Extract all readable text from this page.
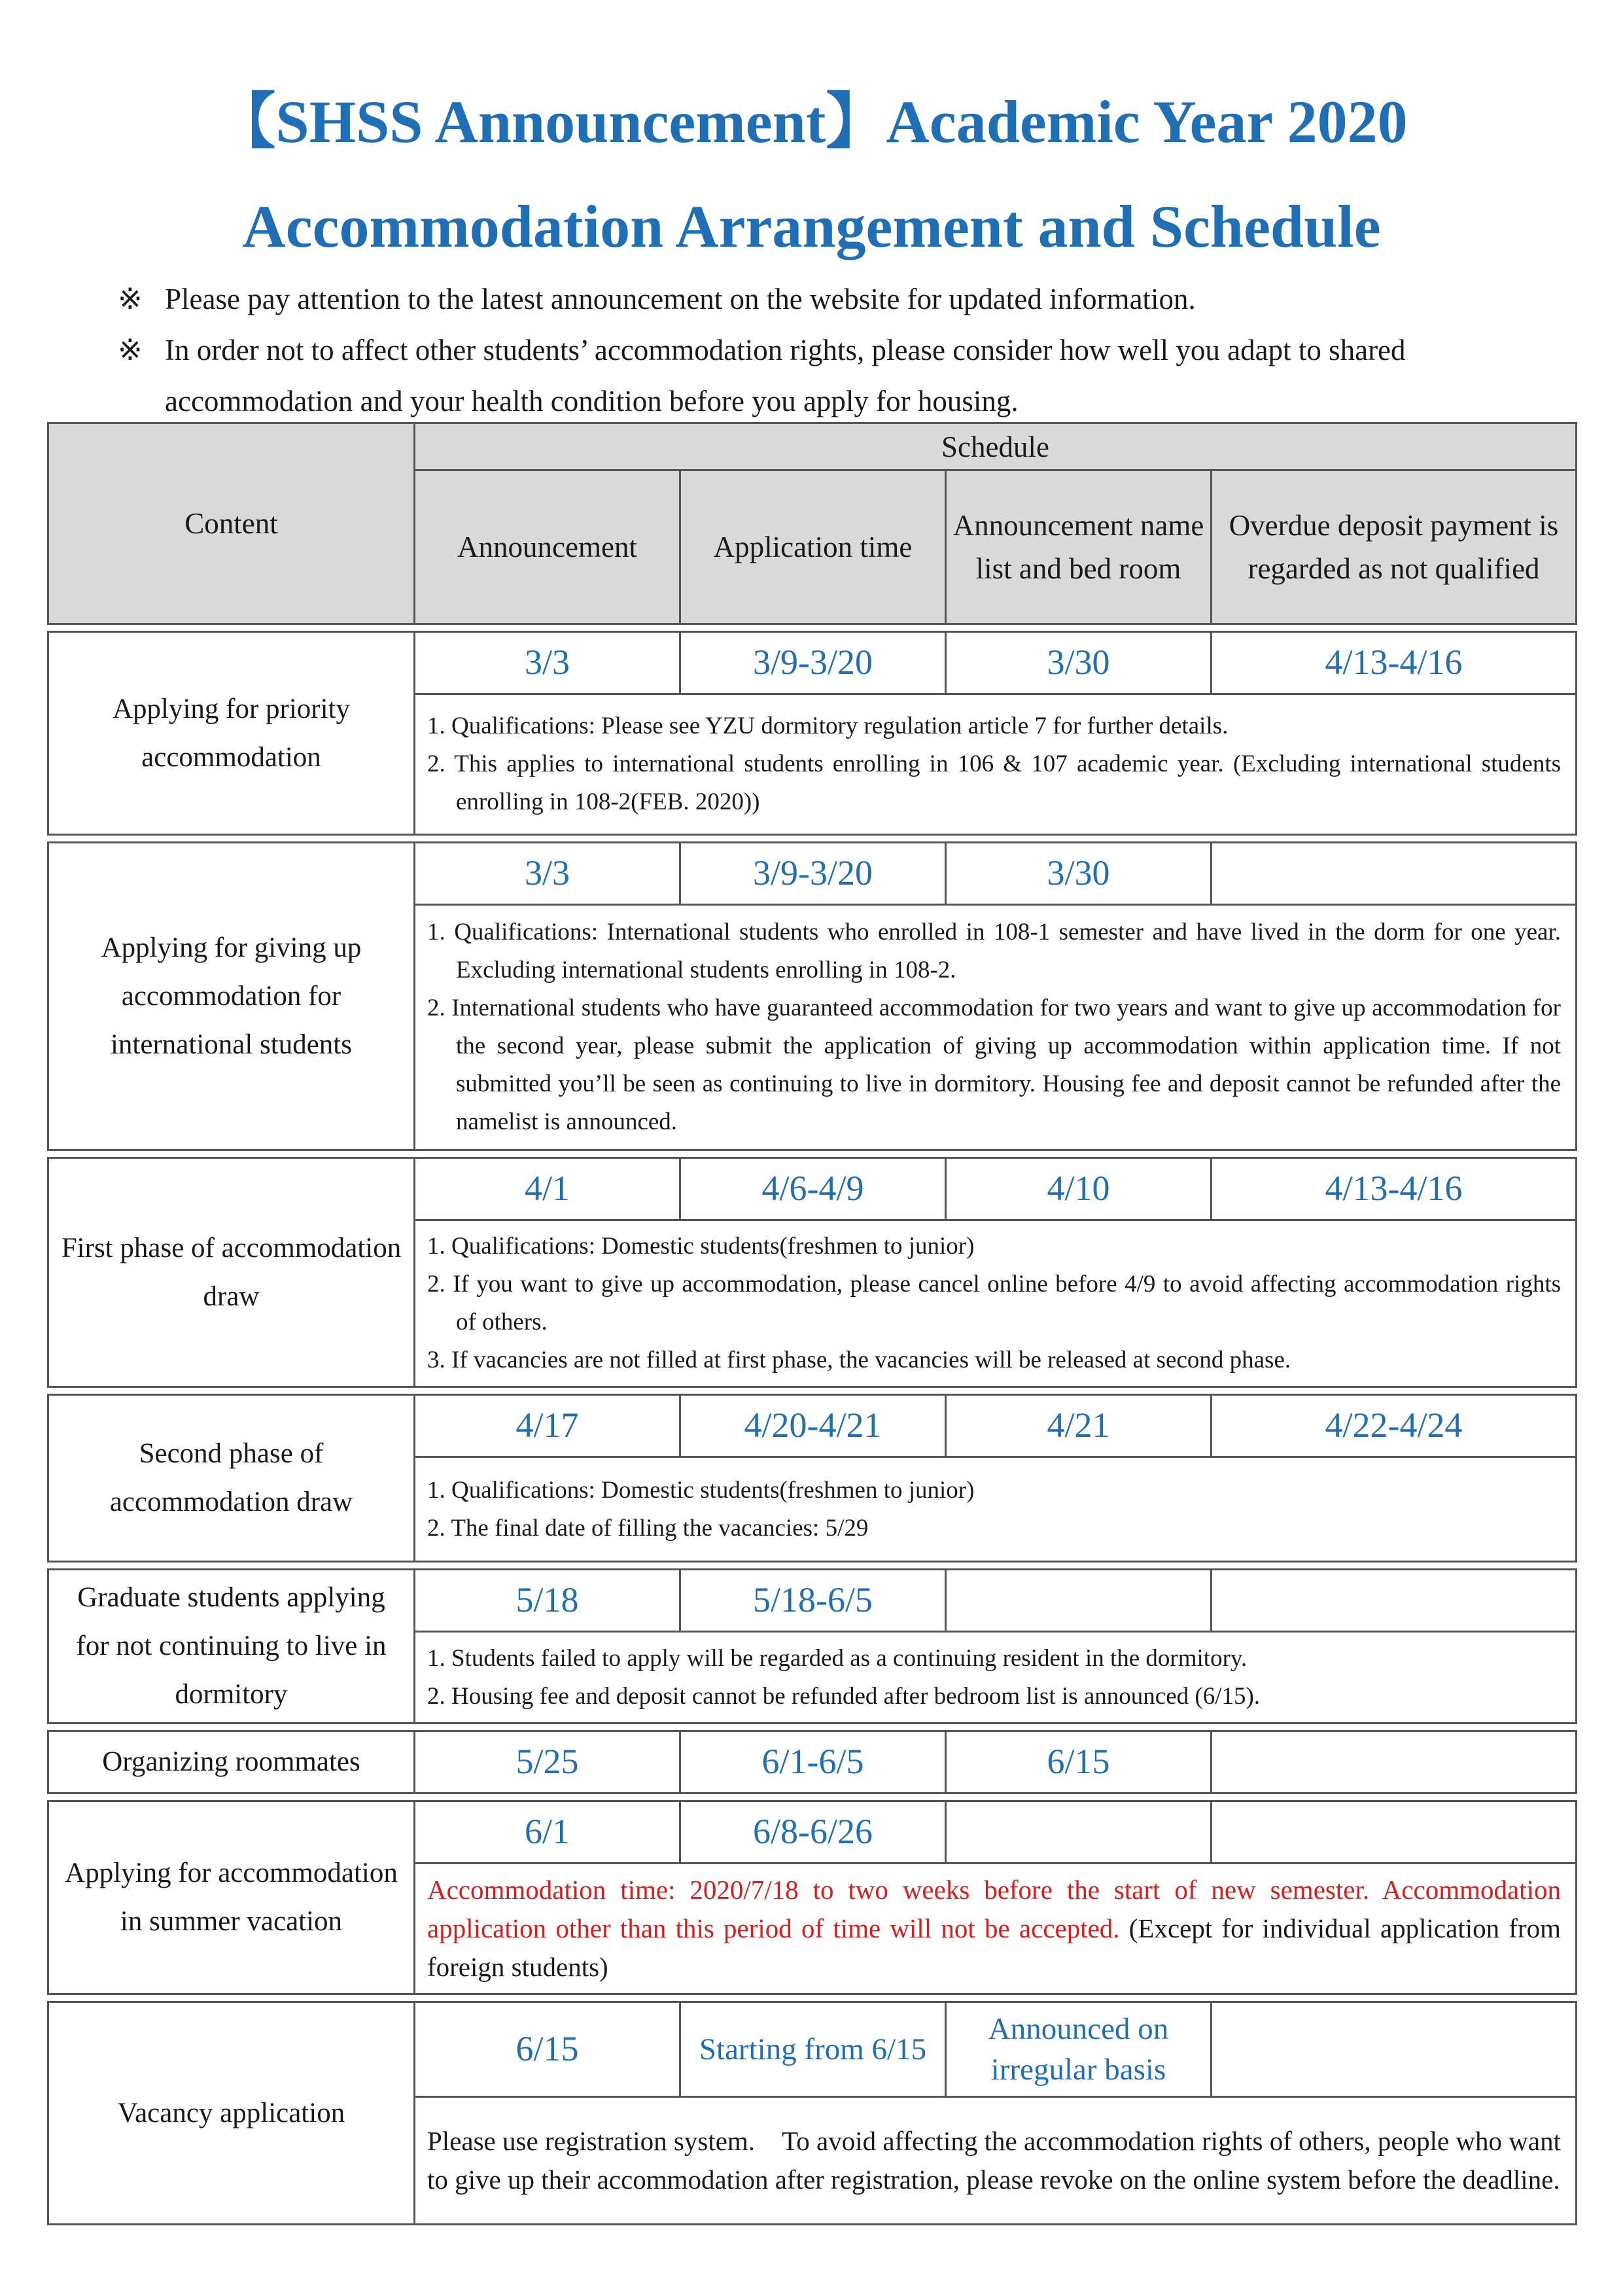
【SHSS Announcement】Academic Year 2020
Accommodation Arrangement and Schedule
※ Please pay attention to the latest announcement on the website for updated information.
※ In order not to affect other students’ accommodation rights, please consider how well you adapt to shared accommodation and your health condition before you apply for housing.
Content	Schedule			
	Announcement	Application time	Announcement name list and bed room	Overdue deposit payment is regarded as not qualified

Applying for priority accommodation	3/3	3/9-3/20	3/30	4/13-4/16

	1. Qualifications: Please see YZU dormitory regulation article 7 for further details.
2. This applies to international students enrolling in 106 & 107 academic year. (Excluding international students enrolling in 108-2(FEB. 2020))			

Applying for giving up accommodation for international students	3/3	3/9-3/20	3/30	

	1. Qualifications: International students who enrolled in 108-1 semester and have lived in the dorm for one year. Excluding international students enrolling in 108-2.
2. International students who have guaranteed accommodation for two years and want to give up accommodation for the second year, please submit the application of giving up accommodation within application time. If not submitted you’ll be seen as continuing to live in dormitory. Housing fee and deposit cannot be refunded after the namelist is announced.			

First phase of accommodation draw	4/1	4/6-4/9	4/10	4/13-4/16

	1. Qualifications: Domestic students(freshmen to junior)
2. If you want to give up accommodation, please cancel online before 4/9 to avoid affecting accommodation rights of others.
3. If vacancies are not filled at first phase, the vacancies will be released at second phase.			

Second phase of accommodation draw	4/17	4/20-4/21	4/21	4/22-4/24

	1. Qualifications: Domestic students(freshmen to junior)
2. The final date of filling the vacancies: 5/29			

Graduate students applying for not continuing to live in dormitory	5/18	5/18-6/5		

	1. Students failed to apply will be regarded as a continuing resident in the dormitory.
2. Housing fee and deposit cannot be refunded after bedroom list is announced (6/15).			

Organizing roommates	5/25	6/1-6/5	6/15	

Applying for accommodation in summer vacation	6/1	6/8-6/26		
	Accommodation time: 2020/7/18 to two weeks before the start of new semester. Accommodation application other than this period of time will not be accepted. (Except for individual application from foreign students)			

Vacancy application	6/15	Starting from 6/15	Announced on irregular basis	
	Please use registration system.　To avoid affecting the accommodation rights of others, people who want to give up their accommodation after registration, please revoke on the online system before the deadline.			
